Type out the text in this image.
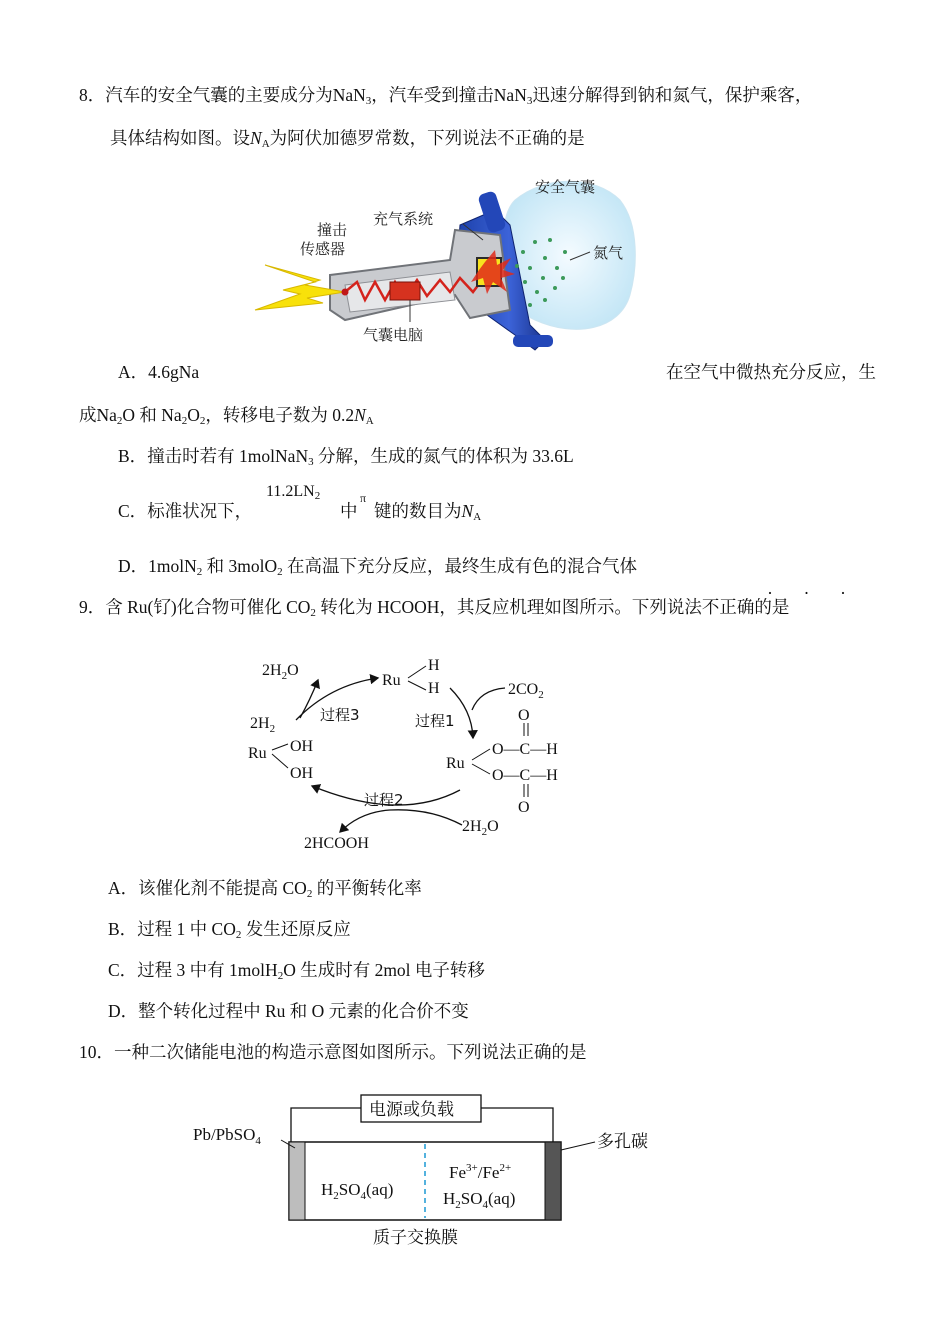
8．汽车的安全气囊的主要成分为NaN$_3$，汽车受到撞击NaN$_3$迅速分解得到钠和氮气，保护乘客，
具体结构如图。设$N_A$为阿伏加德罗常数，下列说法不正确的是
安全气囊
撞击
传感器
充气系统
氮气
气囊电脑
A．4.6gNa	在空气中微热充分反应，生
成$Na_2O$ 和 $Na_2O_2$，转移电子数为 $0.2N_A$
B．撞击时若有 1molNaN$_3$ 分解，生成的氮气的体积为 33.6L
C．标准状况下，
$11.2LN_2$
中
π
键的数目为$N_A$
D．1molN$_2$ 和 3molO$_2$ 在高温下充分反应，最终生成有色的混合气体
· · ·
9．含 Ru(钌)化合物可催化 $CO_2$ 转化为 HCOOH，其反应机理如图所示。下列说法不正确的是
$2H_2O$
Ru
H
H	$2CO_2$
$2H_2$
过程3	过程1
Ru OH
OH
O
O—C—H
Ru
O—C—H
O
过程2
$2H_2O$
2HCOOH
A．该催化剂不能提高 $CO_2$ 的平衡转化率
B．过程 1 中 $CO_2$ 发生还原反应
C．过程 3 中有 1molH$_2$O 生成时有 2mol 电子转移
D．整个转化过程中 Ru 和 O 元素的化合价不变
10．一种二次储能电池的构造示意图如图所示。下列说法正确的是
电源或负载
Pb/PbSO$_4$	多孔碳
$H_2SO_4(aq)$
$Fe^{3+}/Fe^{2+}$
$H_2SO_4(aq)$
质子交换膜
